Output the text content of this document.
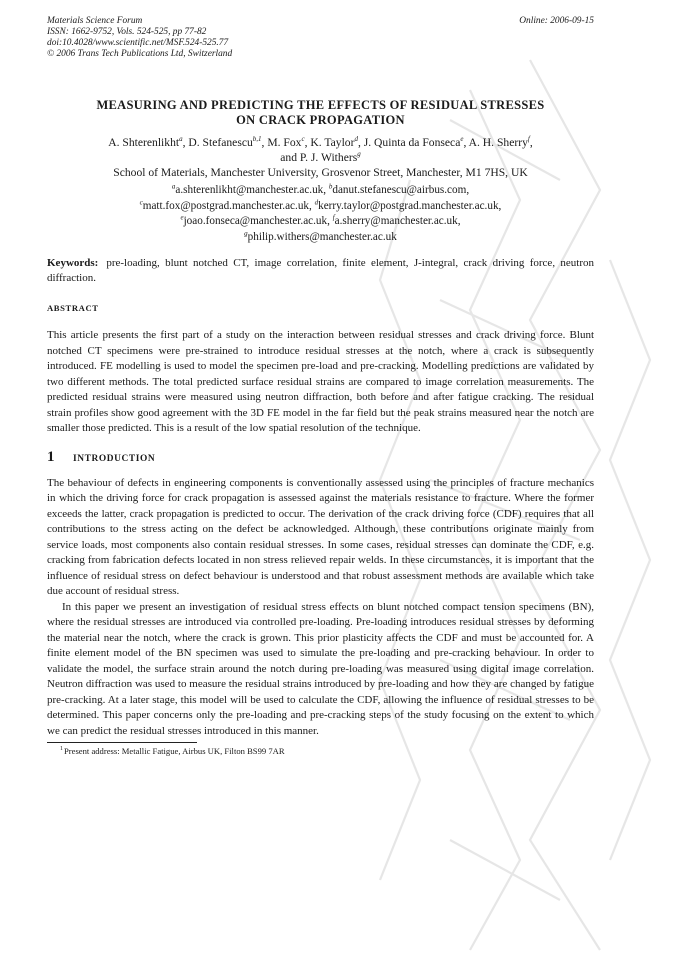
Materials Science Forum
ISSN: 1662-9752, Vols. 524-525, pp 77-82
doi:10.4028/www.scientific.net/MSF.524-525.77
© 2006 Trans Tech Publications Ltd, Switzerland
Online: 2006-09-15
MEASURING AND PREDICTING THE EFFECTS OF RESIDUAL STRESSES
ON CRACK PROPAGATION
A. Shterenlikht$^a$, D. Stefanescu$^{b,1}$, M. Fox$^c$, K. Taylor$^d$, J. Quinta da Fonseca$^e$, A. H. Sherry$^f$,
and P. J. Withers$^g$
School of Materials, Manchester University, Grosvenor Street, Manchester, M1 7HS, UK
$^a$a.shterenlikht@manchester.ac.uk, $^b$danut.stefanescu@airbus.com,
$^c$matt.fox@postgrad.manchester.ac.uk, $^d$kerry.taylor@postgrad.manchester.ac.uk,
$^e$joao.fonseca@manchester.ac.uk, $^f$a.sherry@manchester.ac.uk,
$^g$philip.withers@manchester.ac.uk
Keywords: pre-loading, blunt notched CT, image correlation, finite element, J-integral, crack driving force, neutron diffraction.
ABSTRACT
This article presents the first part of a study on the interaction between residual stresses and crack driving force. Blunt notched CT specimens were pre-strained to introduce residual stresses at the notch, where a crack is subsequently introduced. FE modelling is used to model the specimen pre-load and pre-cracking. Modelling predictions are validated by two different methods. The total predicted surface residual strains are compared to image correlation measurements. The predicted residual strains were measured using neutron diffraction, both before and after fatigue cracking. The residual strain profiles show good agreement with the 3D FE model in the far field but the peak strains measured near the notch are smaller those predicted. This is a result of the low spatial resolution of the technique.
1	INTRODUCTION
The behaviour of defects in engineering components is conventionally assessed using the principles of fracture mechanics in which the driving force for crack propagation is assessed against the materials resistance to fracture. Where the former exceeds the latter, crack propagation is predicted to occur. The derivation of the crack driving force (CDF) requires that all contributions to the stress acting on the defect be acknowledged. Although, these contributions originate mainly from service loads, most components also contain residual stresses. In some cases, residual stresses can dominate the CDF, e.g. cracking from fabrication defects located in non stress relieved repair welds. In these circumstances, it is important that the influence of residual stress on defect behaviour is understood and that robust assessment methods are available which take due account of residual stress.
In this paper we present an investigation of residual stress effects on blunt notched compact tension specimens (BN), where the residual stresses are introduced via controlled pre-loading. Pre-loading introduces residual stresses by deforming the material near the notch, where the crack is grown. This prior plasticity affects the CDF and must be accounted for. A finite element model of the BN specimen was used to simulate the pre-loading and pre-cracking behaviour. In order to validate the model, the surface strain around the notch during pre-loading was measured using digital image correlation. Neutron diffraction was used to measure the residual strains introduced by pre-loading and how they are changed by fatigue pre-cracking. At a later stage, this model will be used to calculate the CDF, allowing the influence of residual stresses to be determined. This paper concerns only the pre-loading and pre-cracking steps of the study focusing on the extent to which we can predict the residual stresses introduced in this manner.
$^1$Present address: Metallic Fatigue, Airbus UK, Filton BS99 7AR
